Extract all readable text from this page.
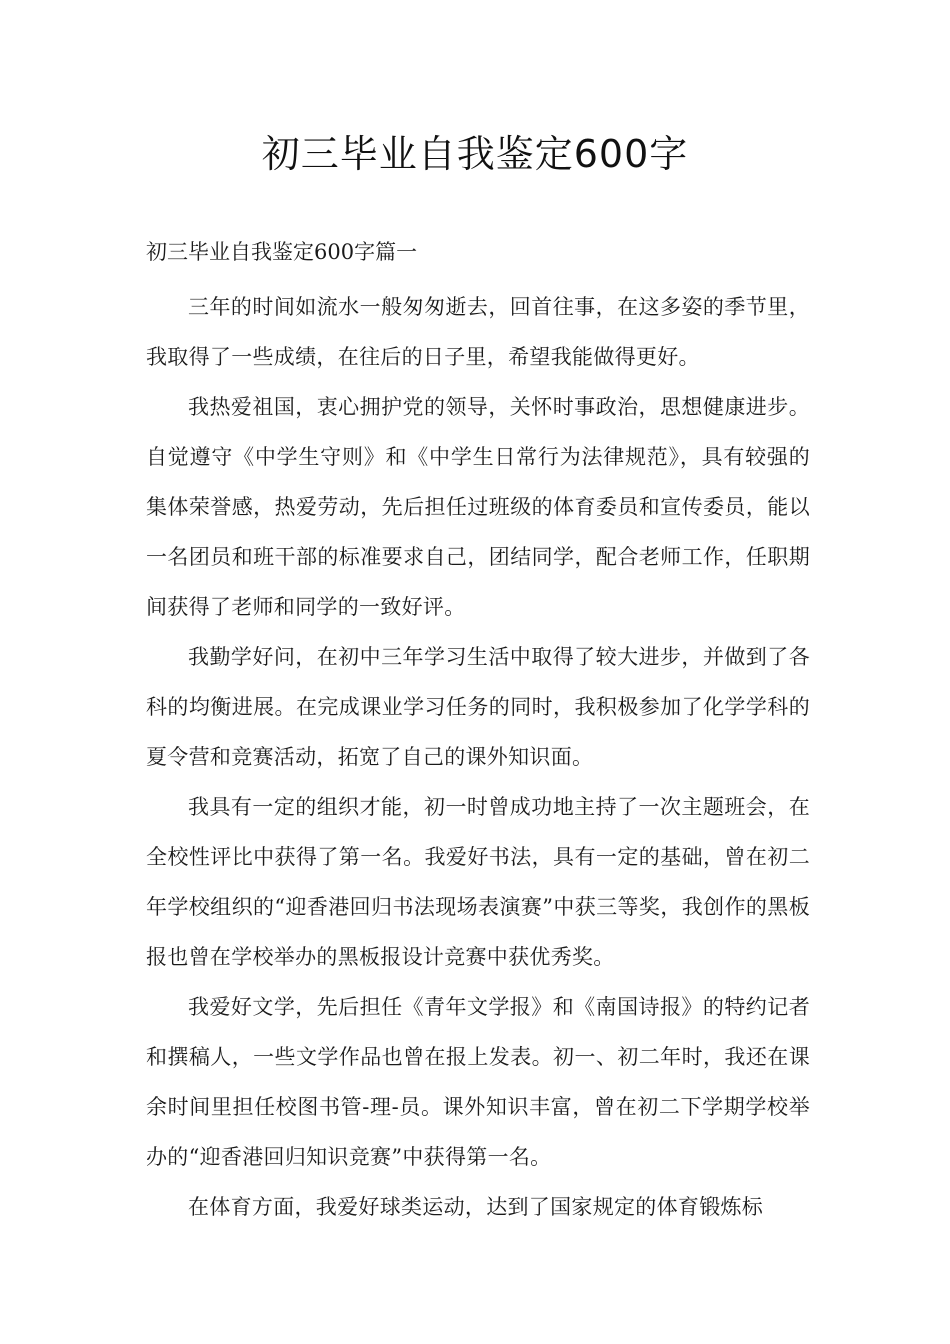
初三毕业自我鉴定600字

初三毕业自我鉴定600字篇一

三年的时间如流水一般匆匆逝去，回首往事，在这多姿的季节里，我取得了一些成绩，在往后的日子里，希望我能做得更好。

我热爱祖国，衷心拥护党的领导，关怀时事政治，思想健康进步。自觉遵守《中学生守则》和《中学生日常行为法律规范》，具有较强的集体荣誉感，热爱劳动，先后担任过班级的体育委员和宣传委员，能以一名团员和班干部的标准要求自己，团结同学，配合老师工作，任职期间获得了老师和同学的一致好评。

我勤学好问，在初中三年学习生活中取得了较大进步，并做到了各科的均衡进展。在完成课业学习任务的同时，我积极参加了化学学科的夏令营和竞赛活动，拓宽了自己的课外知识面。

我具有一定的组织才能，初一时曾成功地主持了一次主题班会，在全校性评比中获得了第一名。我爱好书法，具有一定的基础，曾在初二年学校组织的“迎香港回归书法现场表演赛”中获三等奖，我创作的黑板报也曾在学校举办的黑板报设计竞赛中获优秀奖。

我爱好文学，先后担任《青年文学报》和《南国诗报》的特约记者和撰稿人，一些文学作品也曾在报上发表。初一、初二年时，我还在课余时间里担任校图书管-理-员。课外知识丰富，曾在初二下学期学校举办的“迎香港回归知识竞赛”中获得第一名。

在体育方面，我爱好球类运动，达到了国家规定的体育锻炼标
